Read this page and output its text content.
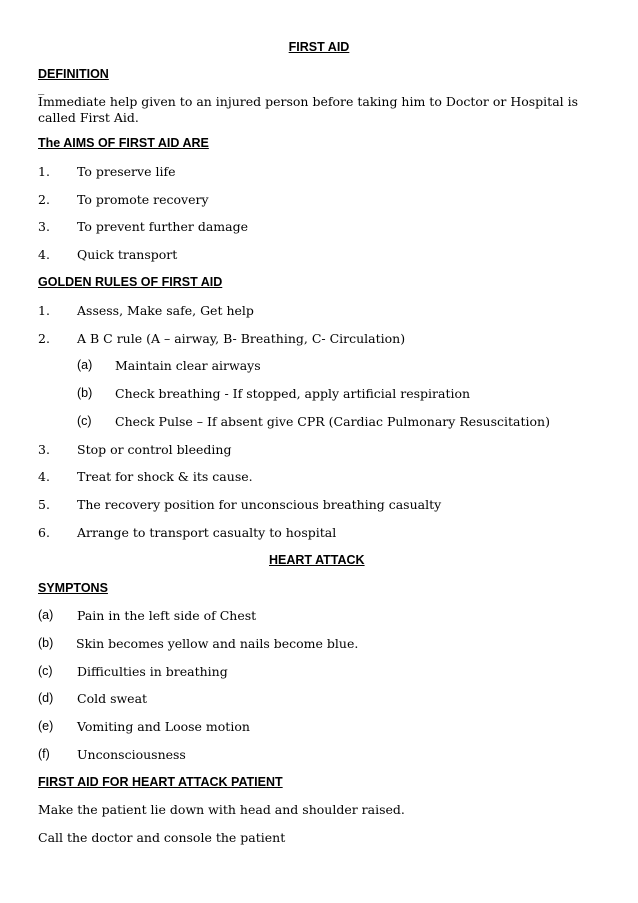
FIRST AID
DEFINITION
_
Immediate help given to an injured person before taking him to Doctor or Hospital is called First Aid.
The AIMS OF FIRST AID ARE
1. To preserve life
2. To promote recovery
3. To prevent further damage
4. Quick transport
GOLDEN RULES OF FIRST AID
1. Assess, Make safe, Get help
2. A B C rule (A – airway, B- Breathing, C- Circulation)
(a) Maintain clear airways
(b) Check breathing - If stopped, apply artificial respiration
(c) Check Pulse – If absent give CPR (Cardiac Pulmonary Resuscitation)
3. Stop or control bleeding
4. Treat for shock & its cause.
5. The recovery position for unconscious breathing casualty
6. Arrange to transport casualty to hospital
HEART ATTACK
SYMPTONS
(a) Pain in the left side of Chest
(b) Skin becomes yellow and nails become blue.
(c) Difficulties in breathing
(d) Cold sweat
(e) Vomiting and Loose motion
(f) Unconsciousness
FIRST AID FOR HEART ATTACK PATIENT
Make the patient lie down with head and shoulder raised.
Call the doctor and console the patient
